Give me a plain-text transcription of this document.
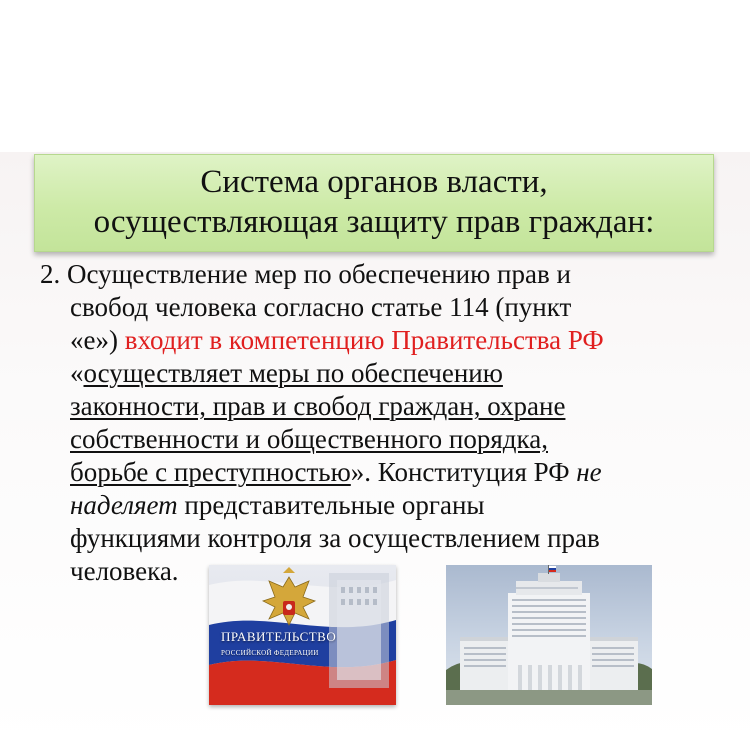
Система органов власти,
осуществляющая защиту прав граждан:
2. Осуществление мер по обеспечению прав и
свобод человека согласно статье 114 (пункт
«е») входит в компетенцию Правительства РФ
«осуществляет меры по обеспечению
законности, прав и свобод граждан, охране
собственности и общественного порядка,
борьбе с преступностью». Конституция РФ не
наделяет представительные органы
функциями контроля за осуществлением прав
человека.
ПРАВИТЕЛЬСТВО
РОССИЙСКОЙ ФЕДЕРАЦИИ
